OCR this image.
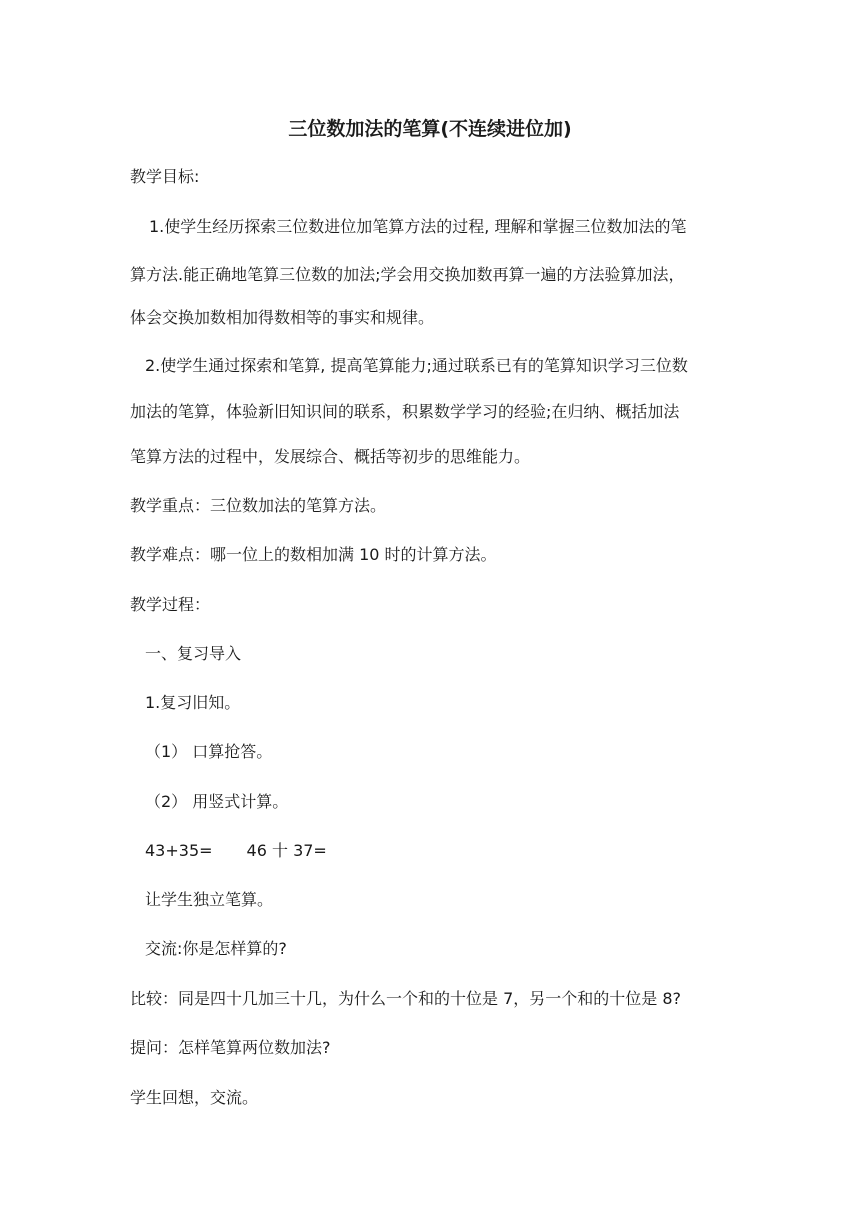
三位数加法的笔算(不连续进位加)
教学目标:
1.使学生经历探索三位数进位加笔算方法的过程, 理解和掌握三位数加法的笔
算方法.能正确地笔算三位数的加法;学会用交换加数再算一遍的方法验算加法，
体会交换加数相加得数相等的事实和规律。
2.使学生通过探索和笔算, 提高笔算能力;通过联系已有的笔算知识学习三位数
加法的笔算，体验新旧知识间的联系，积累数学学习的经验;在归纳、概括加法
笔算方法的过程中，发展综合、概括等初步的思维能力。
教学重点：三位数加法的笔算方法。
教学难点：哪一位上的数相加满 10 时的计算方法。
教学过程：
一、复习导入
1.复习旧知。
（1） 口算抢答。
（2） 用竖式计算。
43+35= 46 十 37=
让学生独立笔算。
交流:你是怎样算的?
比较：同是四十几加三十几，为什么一个和的十位是 7，另一个和的十位是 8?
提问：怎样笔算两位数加法?
学生回想，交流。
